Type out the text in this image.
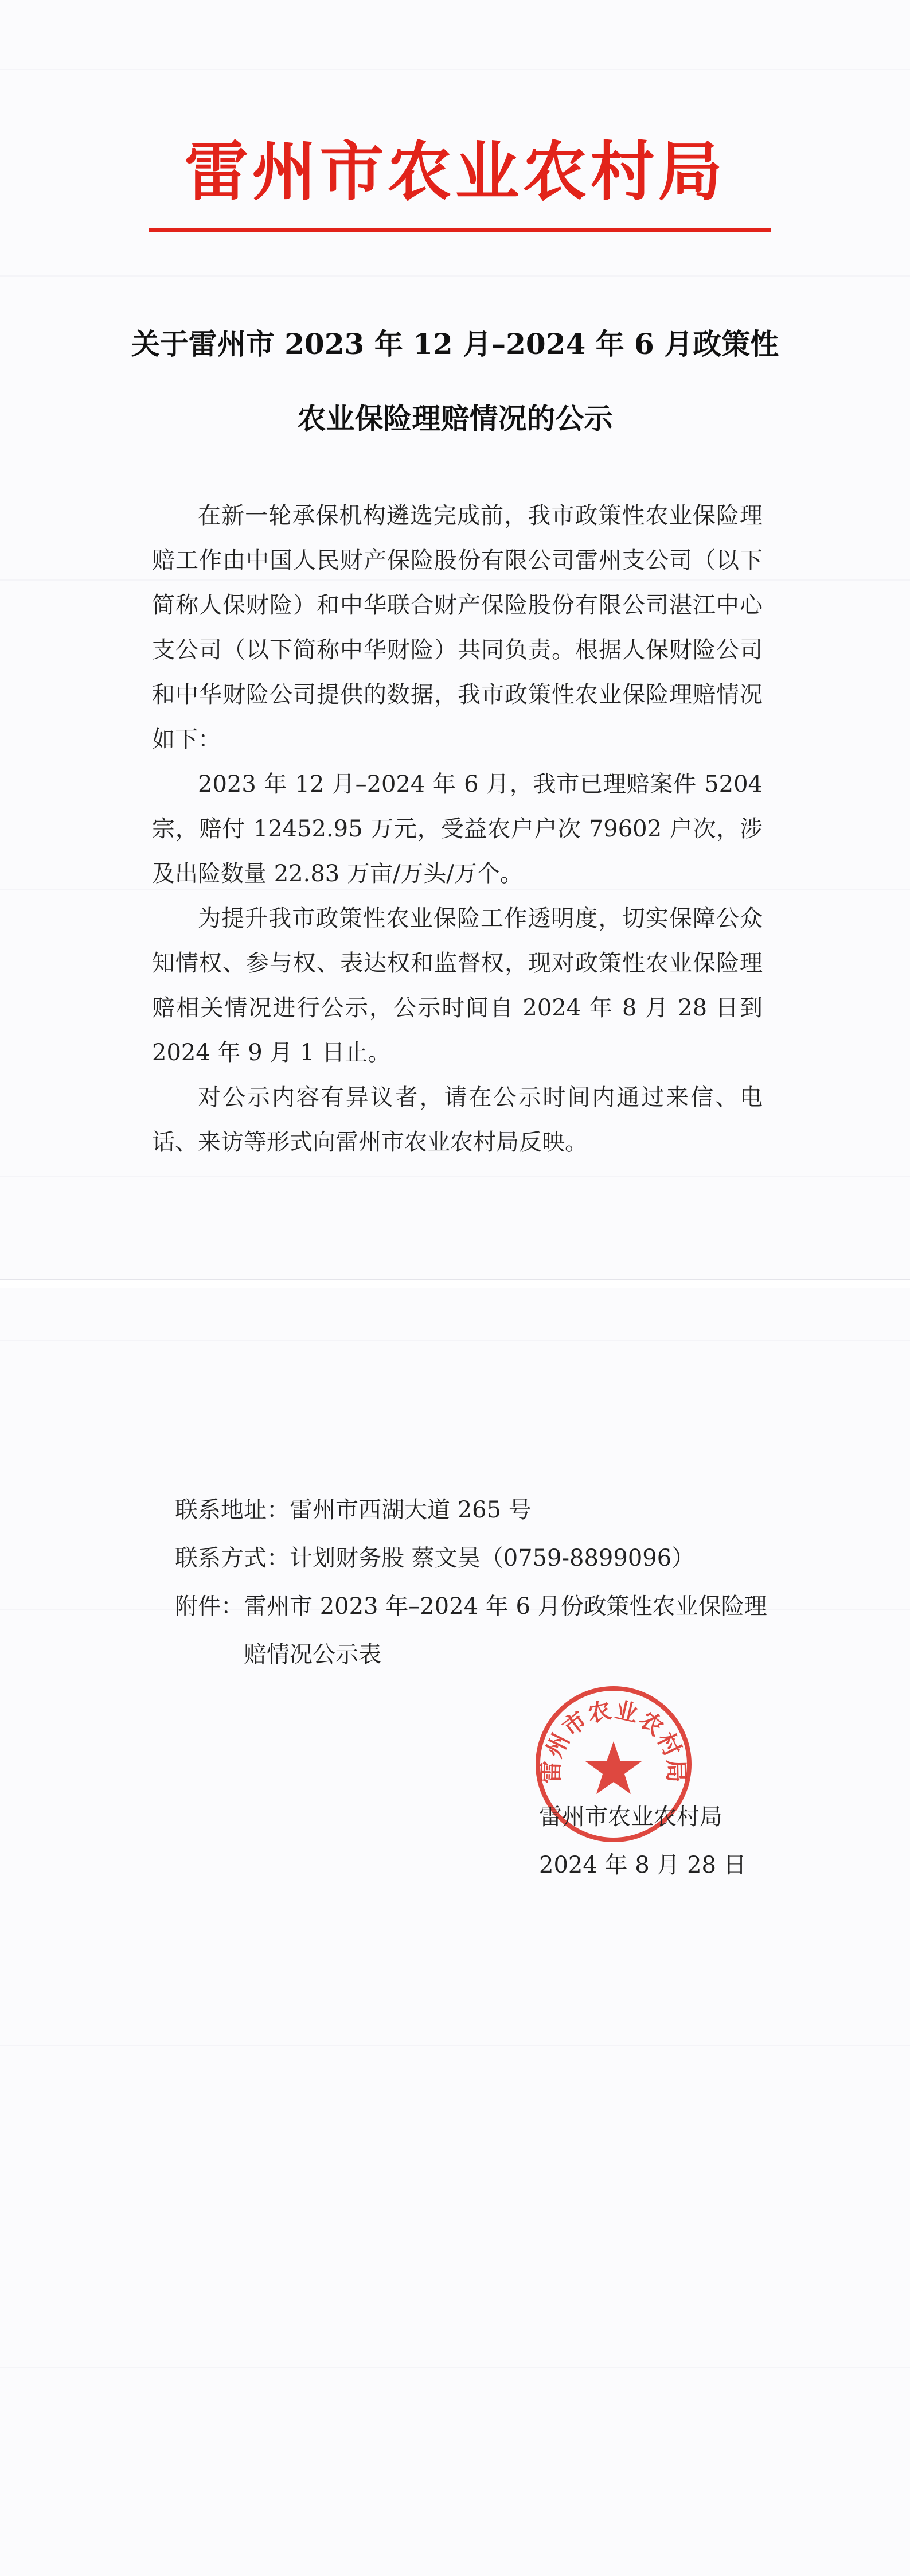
雷州市农业农村局
关于雷州市 2023 年 12 月–2024 年 6 月政策性
农业保险理赔情况的公示

在新一轮承保机构遴选完成前，我市政策性农业保险理赔工作由中国人民财产保险股份有限公司雷州支公司（以下简称人保财险）和中华联合财产保险股份有限公司湛江中心支公司（以下简称中华财险）共同负责。根据人保财险公司和中华财险公司提供的数据，我市政策性农业保险理赔情况如下：

2023 年 12 月–2024 年 6 月，我市已理赔案件 5204 宗，赔付 12452.95 万元，受益农户户次 79602 户次，涉及出险数量 22.83 万亩/万头/万个。

为提升我市政策性农业保险工作透明度，切实保障公众知情权、参与权、表达权和监督权，现对政策性农业保险理赔相关情况进行公示，公示时间自 2024 年 8 月 28 日到 2024 年 9 月 1 日止。

对公示内容有异议者，请在公示时间内通过来信、电话、来访等形式向雷州市农业农村局反映。

联系地址：雷州市西湖大道 265 号
联系方式：计划财务股 蔡文昊（0759-8899096）
附件：雷州市 2023 年–2024 年 6 月份政策性农业保险理
赔情况公示表
雷州市农业农村局
雷州市农业农村局
2024 年 8 月 28 日
